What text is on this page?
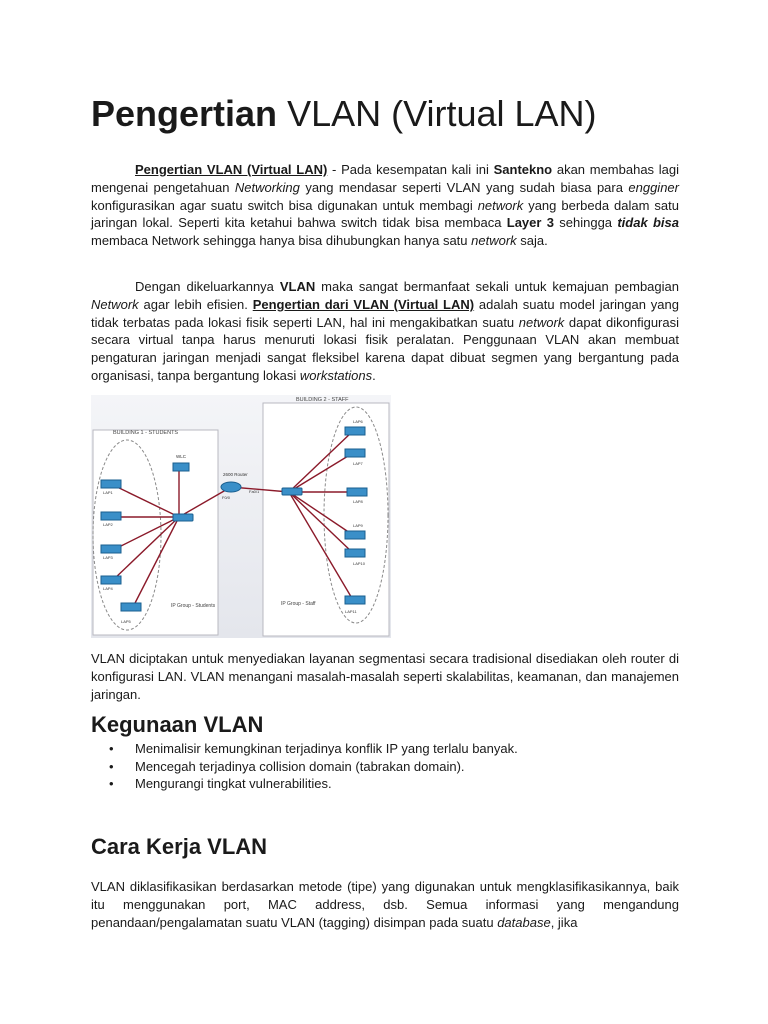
Pengertian VLAN (Virtual LAN)

Pengertian VLAN (Virtual LAN) - Pada kesempatan kali ini Santekno akan membahas lagi mengenai pengetahuan Networking yang mendasar seperti VLAN yang sudah biasa para engginer konfigurasikan agar suatu switch bisa digunakan untuk membagi network yang berbeda dalam satu jaringan lokal. Seperti kita ketahui bahwa switch tidak bisa membaca Layer 3 sehingga tidak bisa membaca Network sehingga hanya bisa dihubungkan hanya satu network saja.

Dengan dikeluarkannya VLAN maka sangat bermanfaat sekali untuk kemajuan pembagian Network agar lebih efisien. Pengertian dari VLAN (Virtual LAN) adalah suatu model jaringan yang tidak terbatas pada lokasi fisik seperti LAN, hal ini mengakibatkan suatu network dapat dikonfigurasi secara virtual tanpa harus menuruti lokasi fisik peralatan. Penggunaan VLAN akan membuat pengaturan jaringan menjadi sangat fleksibel karena dapat dibuat segmen yang bergantung pada organisasi, tanpa bergantung lokasi workstations.

BUILDING 1 - STUDENTS
BUILDING 2 - STAFF
IP Group - Students	IP Group - Staff
2600 Router
F0/0
Fa0/1
WLC
LAP1
LAP2
LAP3
LAP4
LAP5
LAP6
LAP7
LAP8
LAP9
LAP10
LAP11

VLAN diciptakan untuk menyediakan layanan segmentasi secara tradisional disediakan oleh router di konfigurasi LAN. VLAN menangani masalah-masalah seperti skalabilitas, keamanan, dan manajemen jaringan.

Kegunaan VLAN
• Menimalisir kemungkinan terjadinya konflik IP yang terlalu banyak.
• Mencegah terjadinya collision domain (tabrakan domain).
• Mengurangi tingkat vulnerabilities.
Cara Kerja VLAN

VLAN diklasifikasikan berdasarkan metode (tipe) yang digunakan untuk mengklasifikasikannya, baik itu menggunakan port, MAC address, dsb. Semua informasi yang mengandung penandaan/pengalamatan suatu VLAN (tagging) disimpan pada suatu database, jika
